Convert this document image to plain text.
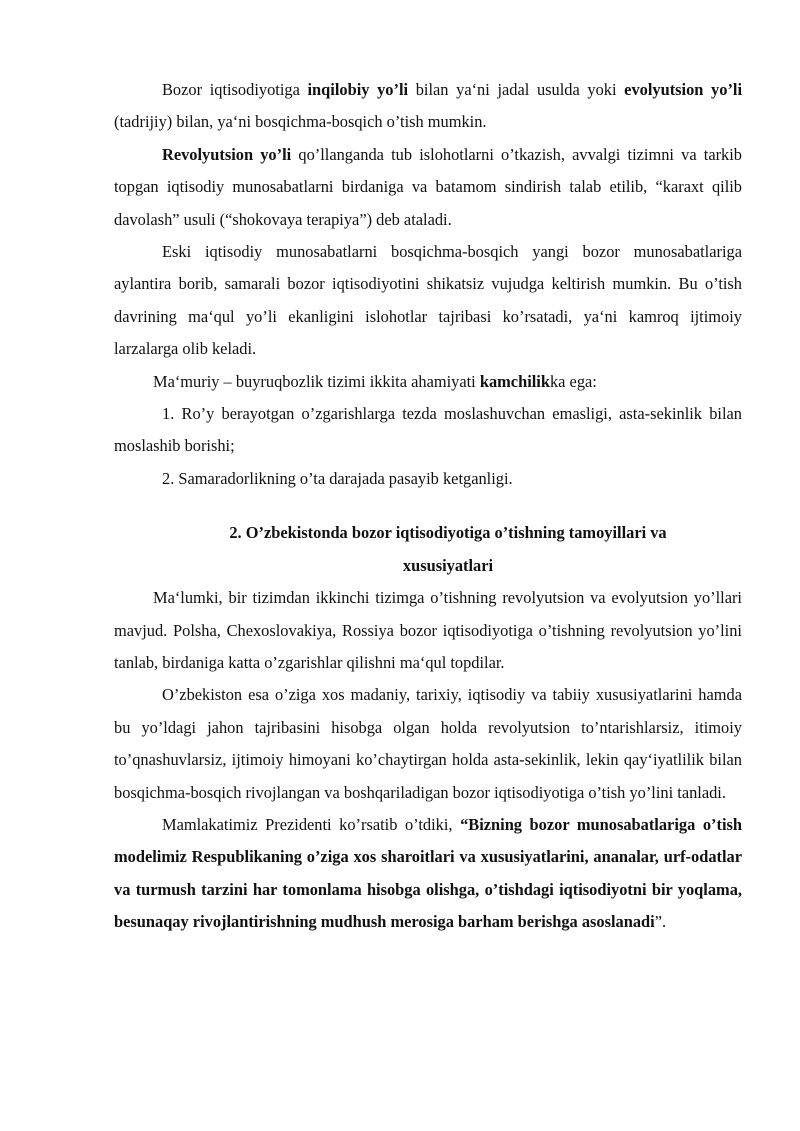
Bozor iqtisodiyotiga inqilobiy yo’li bilan ya‘ni jadal usulda yoki evolyutsion yo’li (tadrijiy) bilan, ya‘ni bosqichma-bosqich o’tish mumkin.

Revolyutsion yo’li qo’llanganda tub islohotlarni o’tkazish, avvalgi tizimni va tarkib topgan iqtisodiy munosabatlarni birdaniga va batamom sindirish talab etilib, “karaxt qilib davolash” usuli (“shokovaya terapiya”) deb ataladi.

Eski iqtisodiy munosabatlarni bosqichma-bosqich yangi bozor munosabatlariga aylantira borib, samarali bozor iqtisodiyotini shikatsiz vujudga keltirish mumkin. Bu o’tish davrining ma‘qul yo’li ekanligini islohotlar tajribasi ko’rsatadi, ya‘ni kamroq ijtimoiy larzalarga olib keladi.

Ma‘muriy – buyruqbozlik tizimi ikkita ahamiyati kamchilikka ega:

1. Ro’y berayotgan o’zgarishlarga tezda moslashuvchan emasligi, asta-sekinlik bilan moslashib borishi;

2. Samaradorlikning o’ta darajada pasayib ketganligi.

2. O’zbekistonda bozor iqtisodiyotiga o’tishning tamoyillari va
xususiyatlari

Ma‘lumki, bir tizimdan ikkinchi tizimga o’tishning revolyutsion va evolyutsion yo’llari mavjud. Polsha, Chexoslovakiya, Rossiya bozor iqtisodiyotiga o’tishning revolyutsion yo’lini tanlab, birdaniga katta o’zgarishlar qilishni ma‘qul topdilar.

O’zbekiston esa o’ziga xos madaniy, tarixiy, iqtisodiy va tabiiy xususiyatlarini hamda bu yo’ldagi jahon tajribasini hisobga olgan holda revolyutsion to’ntarishlarsiz, itimoiy to’qnashuvlarsiz, ijtimoiy himoyani ko’chaytirgan holda asta-sekinlik, lekin qay‘iyatlilik bilan bosqichma-bosqich rivojlangan va boshqariladigan bozor iqtisodiyotiga o’tish yo’lini tanladi.

Mamlakatimiz Prezidenti ko’rsatib o’tdiki, “Bizning bozor munosabatlariga o’tish modelimiz Respublikaning o’ziga xos sharoitlari va xususiyatlarini, ananalar, urf-odatlar va turmush tarzini har tomonlama hisobga olishga, o’tishdagi iqtisodiyotni bir yoqlama, besunaqay rivojlantirishning mudhush merosiga barham berishga asoslanadi”.
